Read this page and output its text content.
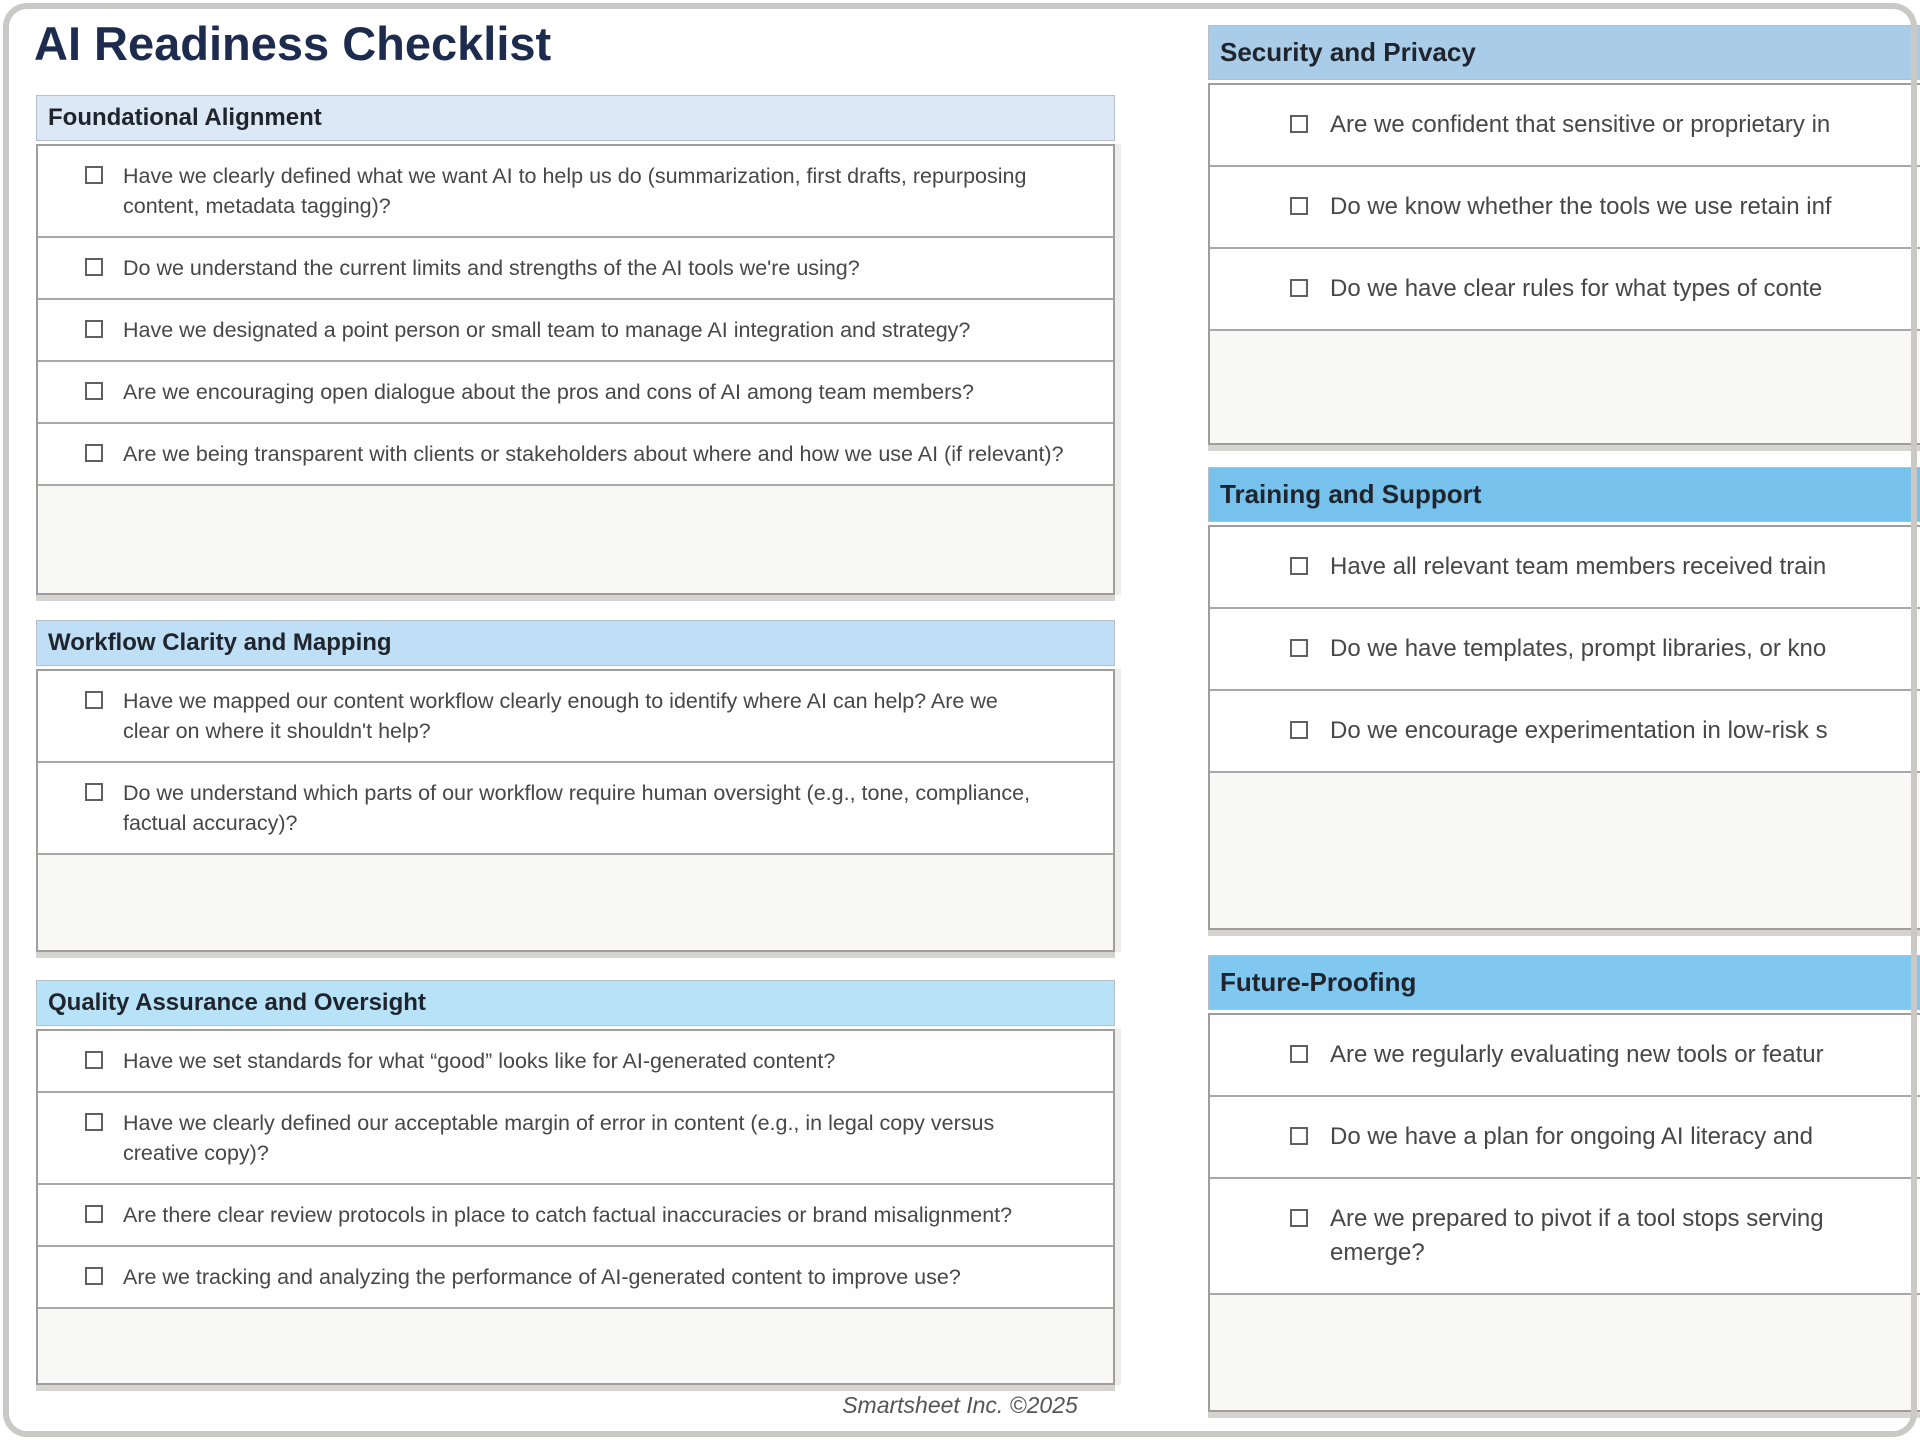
AI Readiness Checklist
Foundational Alignment
Have we clearly defined what we want AI to help us do (summarization, first drafts, repurposing
content, metadata tagging)?
Do we understand the current limits and strengths of the AI tools we're using?
Have we designated a point person or small team to manage AI integration and strategy?
Are we encouraging open dialogue about the pros and cons of AI among team members?
Are we being transparent with clients or stakeholders about where and how we use AI (if relevant)?
Workflow Clarity and Mapping
Have we mapped our content workflow clearly enough to identify where AI can help? Are we
clear on where it shouldn't help?
Do we understand which parts of our workflow require human oversight (e.g., tone, compliance,
factual accuracy)?
Quality Assurance and Oversight
Have we set standards for what “good” looks like for AI-generated content?
Have we clearly defined our acceptable margin of error in content (e.g., in legal copy versus
creative copy)?
Are there clear review protocols in place to catch factual inaccuracies or brand misalignment?
Are we tracking and analyzing the performance of AI-generated content to improve use?
Security and Privacy
Are we confident that sensitive or proprietary in
Do we know whether the tools we use retain inf
Do we have clear rules for what types of conte
Training and Support
Have all relevant team members received train
Do we have templates, prompt libraries, or kno
Do we encourage experimentation in low-risk s
Future-Proofing
Are we regularly evaluating new tools or featur
Do we have a plan for ongoing AI literacy and
Are we prepared to pivot if a tool stops serving
emerge?
Smartsheet Inc. ©2025
